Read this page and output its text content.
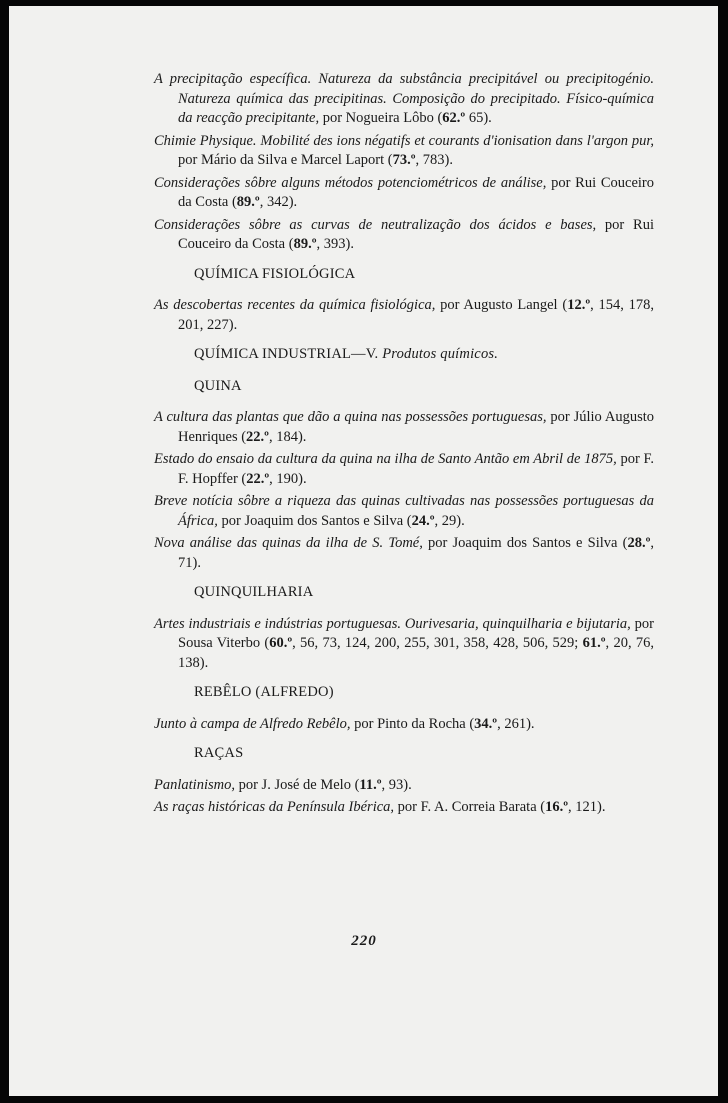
A precipitação específica. Natureza da substância precipitável ou precipitogénio. Natureza química das precipitinas. Composição do precipitado. Físico-química da reacção precipitante, por Nogueira Lôbo (62.º 65).

Chimie Physique. Mobilité des ions négatifs et courants d'ionisation dans l'argon pur, por Mário da Silva e Marcel Laport (73.º, 783).

Considerações sôbre alguns métodos potenciométricos de análise, por Rui Couceiro da Costa (89.º, 342).

Considerações sôbre as curvas de neutralização dos ácidos e bases, por Rui Couceiro da Costa (89.º, 393).

QUÍMICA FISIOLÓGICA

As descobertas recentes da química fisiológica, por Augusto Langel (12.º, 154, 178, 201, 227).

QUÍMICA INDUSTRIAL—V. Produtos químicos.
QUINA

A cultura das plantas que dão a quina nas possessões portuguesas, por Júlio Augusto Henriques (22.º, 184).

Estado do ensaio da cultura da quina na ilha de Santo Antão em Abril de 1875, por F. F. Hopffer (22.º, 190).

Breve notícia sôbre a riqueza das quinas cultivadas nas possessões portuguesas da África, por Joaquim dos Santos e Silva (24.º, 29).

Nova análise das quinas da ilha de S. Tomé, por Joaquim dos Santos e Silva (28.º, 71).

QUINQUILHARIA

Artes industriais e indústrias portuguesas. Ourivesaria, quinquilharia e bijutaria, por Sousa Viterbo (60.º, 56, 73, 124, 200, 255, 301, 358, 428, 506, 529; 61.º, 20, 76, 138).

REBÊLO (ALFREDO)

Junto à campa de Alfredo Rebêlo, por Pinto da Rocha (34.º, 261).

RAÇAS

Panlatinismo, por J. José de Melo (11.º, 93).

As raças históricas da Península Ibérica, por F. A. Correia Barata (16.º, 121).

220
